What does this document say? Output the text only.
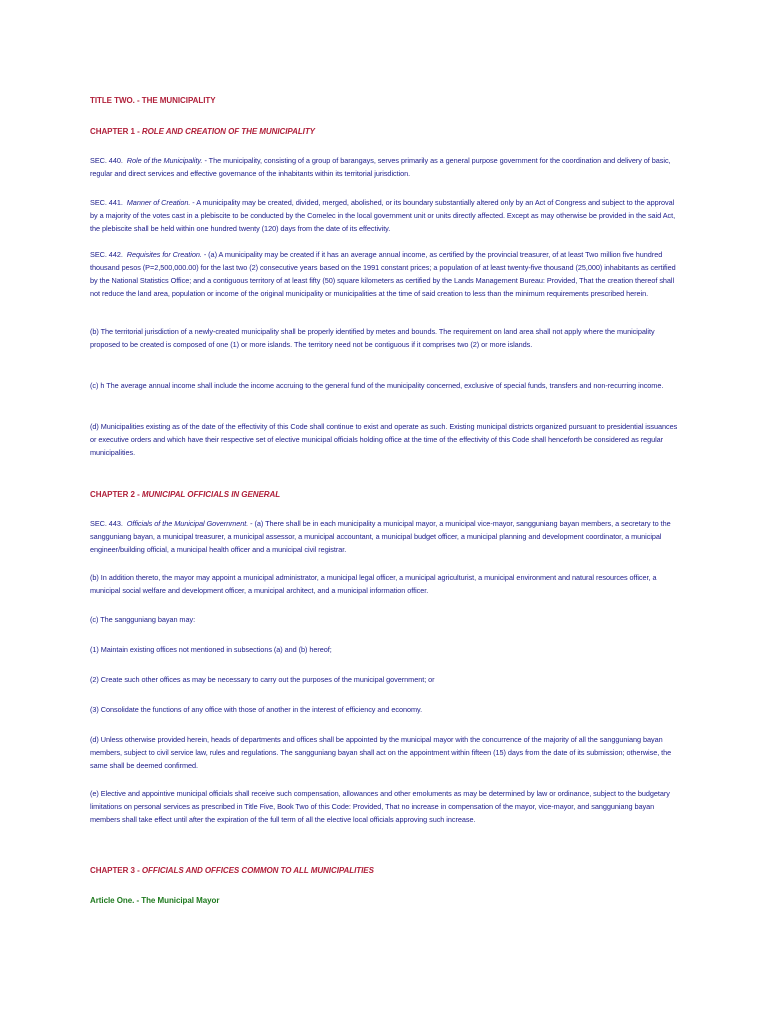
TITLE TWO. - THE MUNICIPALITY

CHAPTER 1 - ROLE AND CREATION OF THE MUNICIPALITY

SEC. 440. Role of the Municipality. - The municipality, consisting of a group of barangays, serves primarily as a general purpose government for the coordination and delivery of basic, regular and direct services and effective governance of the inhabitants within its territorial jurisdiction.

SEC. 441. Manner of Creation. - A municipality may be created, divided, merged, abolished, or its boundary substantially altered only by an Act of Congress and subject to the approval by a majority of the votes cast in a plebiscite to be conducted by the Comelec in the local government unit or units directly affected. Except as may otherwise be provided in the said Act, the plebiscite shall be held within one hundred twenty (120) days from the date of its effectivity.

SEC. 442. Requisites for Creation. - (a) A municipality may be created if it has an average annual income, as certified by the provincial treasurer, of at least Two million five hundred thousand pesos (P=2,500,000.00) for the last two (2) consecutive years based on the 1991 constant prices; a population of at least twenty-five thousand (25,000) inhabitants as certified by the National Statistics Office; and a contiguous territory of at least fifty (50) square kilometers as certified by the Lands Management Bureau: Provided, That the creation thereof shall not reduce the land area, population or income of the original municipality or municipalities at the time of said creation to less than the minimum requirements prescribed herein.

(b) The territorial jurisdiction of a newly-created municipality shall be properly identified by metes and bounds. The requirement on land area shall not apply where the municipality proposed to be created is composed of one (1) or more islands. The territory need not be contiguous if it comprises two (2) or more islands.

(c) h The average annual income shall include the income accruing to the general fund of the municipality concerned, exclusive of special funds, transfers and non-recurring income.

(d) Municipalities existing as of the date of the effectivity of this Code shall continue to exist and operate as such. Existing municipal districts organized pursuant to presidential issuances or executive orders and which have their respective set of elective municipal officials holding office at the time of the effectivity of this Code shall henceforth be considered as regular municipalities.

CHAPTER 2 - MUNICIPAL OFFICIALS IN GENERAL

SEC. 443. Officials of the Municipal Government. - (a) There shall be in each municipality a municipal mayor, a municipal vice-mayor, sangguniang bayan members, a secretary to the sangguniang bayan, a municipal treasurer, a municipal assessor, a municipal accountant, a municipal budget officer, a municipal planning and development coordinator, a municipal engineer/building official, a municipal health officer and a municipal civil registrar.

(b) In addition thereto, the mayor may appoint a municipal administrator, a municipal legal officer, a municipal agriculturist, a municipal environment and natural resources officer, a municipal social welfare and development officer, a municipal architect, and a municipal information officer.

(c) The sangguniang bayan may:

(1) Maintain existing offices not mentioned in subsections (a) and (b) hereof;

(2) Create such other offices as may be necessary to carry out the purposes of the municipal government; or

(3) Consolidate the functions of any office with those of another in the interest of efficiency and economy.

(d) Unless otherwise provided herein, heads of departments and offices shall be appointed by the municipal mayor with the concurrence of the majority of all the sangguniang bayan members, subject to civil service law, rules and regulations. The sangguniang bayan shall act on the appointment within fifteen (15) days from the date of its submission; otherwise, the same shall be deemed confirmed.

(e) Elective and appointive municipal officials shall receive such compensation, allowances and other emoluments as may be determined by law or ordinance, subject to the budgetary limitations on personal services as prescribed in Title Five, Book Two of this Code: Provided, That no increase in compensation of the mayor, vice-mayor, and sangguniang bayan members shall take effect until after the expiration of the full term of all the elective local officials approving such increase.

CHAPTER 3 - OFFICIALS AND OFFICES COMMON TO ALL MUNICIPALITIES

Article One. - The Municipal Mayor
